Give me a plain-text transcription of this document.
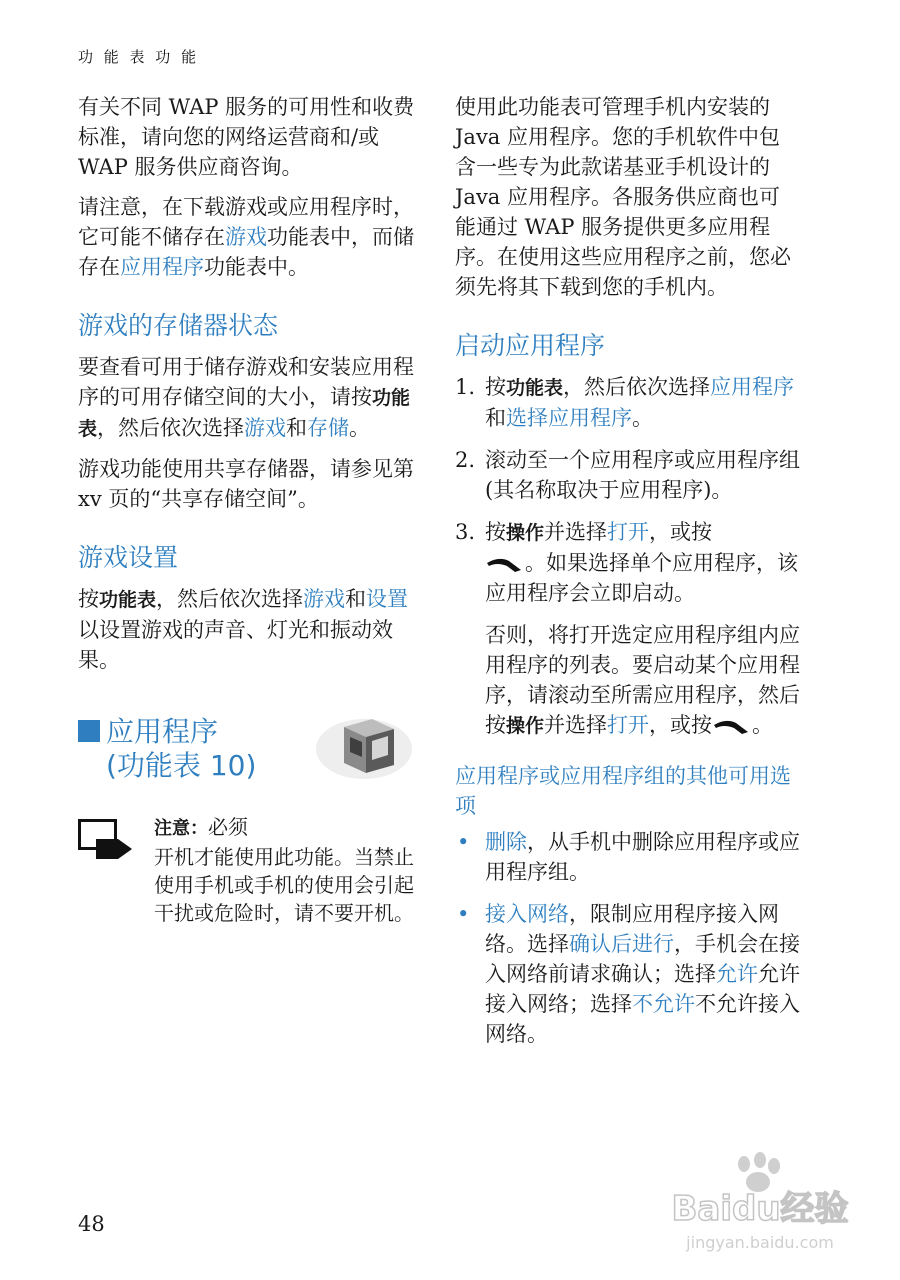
功 能 表 功 能

有关不同 WAP 服务的可用性和收费标准，请向您的网络运营商和/或 WAP 服务供应商咨询。

请注意，在下载游戏或应用程序时，它可能不储存在游戏功能表中，而储存在应用程序功能表中。

游戏的存储器状态

要查看可用于储存游戏和安装应用程序的可用存储空间的大小，请按功能表，然后依次选择游戏和存储。

游戏功能使用共享存储器，请参见第 xv 页的“共享存储空间”。

游戏设置

按功能表，然后依次选择游戏和设置以设置游戏的声音、灯光和振动效果。

应用程序
(功能表 10)
注意：必须
开机才能使用此功能。当禁止使用手机或手机的使用会引起干扰或危险时，请不要开机。

使用此功能表可管理手机内安装的 Java 应用程序。您的手机软件中包含一些专为此款诺基亚手机设计的 Java 应用程序。各服务供应商也可能通过 WAP 服务提供更多应用程序。在使用这些应用程序之前，您必须先将其下载到您的手机内。

启动应用程序
1. 按功能表，然后依次选择应用程序和选择应用程序。
2. 滚动至一个应用程序或应用程序组 (其名称取决于应用程序)。
3. 按操作并选择打开，或按
。如果选择单个应用程序，该应用程序会立即启动。

否则，将打开选定应用程序组内应用程序的列表。要启动某个应用程序，请滚动至所需应用程序，然后按操作并选择打开，或按 。

应用程序或应用程序组的其他可用选项
• 删除，从手机中删除应用程序或应用程序组。
• 接入网络，限制应用程序接入网络。选择确认后进行，手机会在接入网络前请求确认；选择允许允许接入网络；选择不允许不允许接入网络。
48	Baidu经验
jingyan.baidu.com
